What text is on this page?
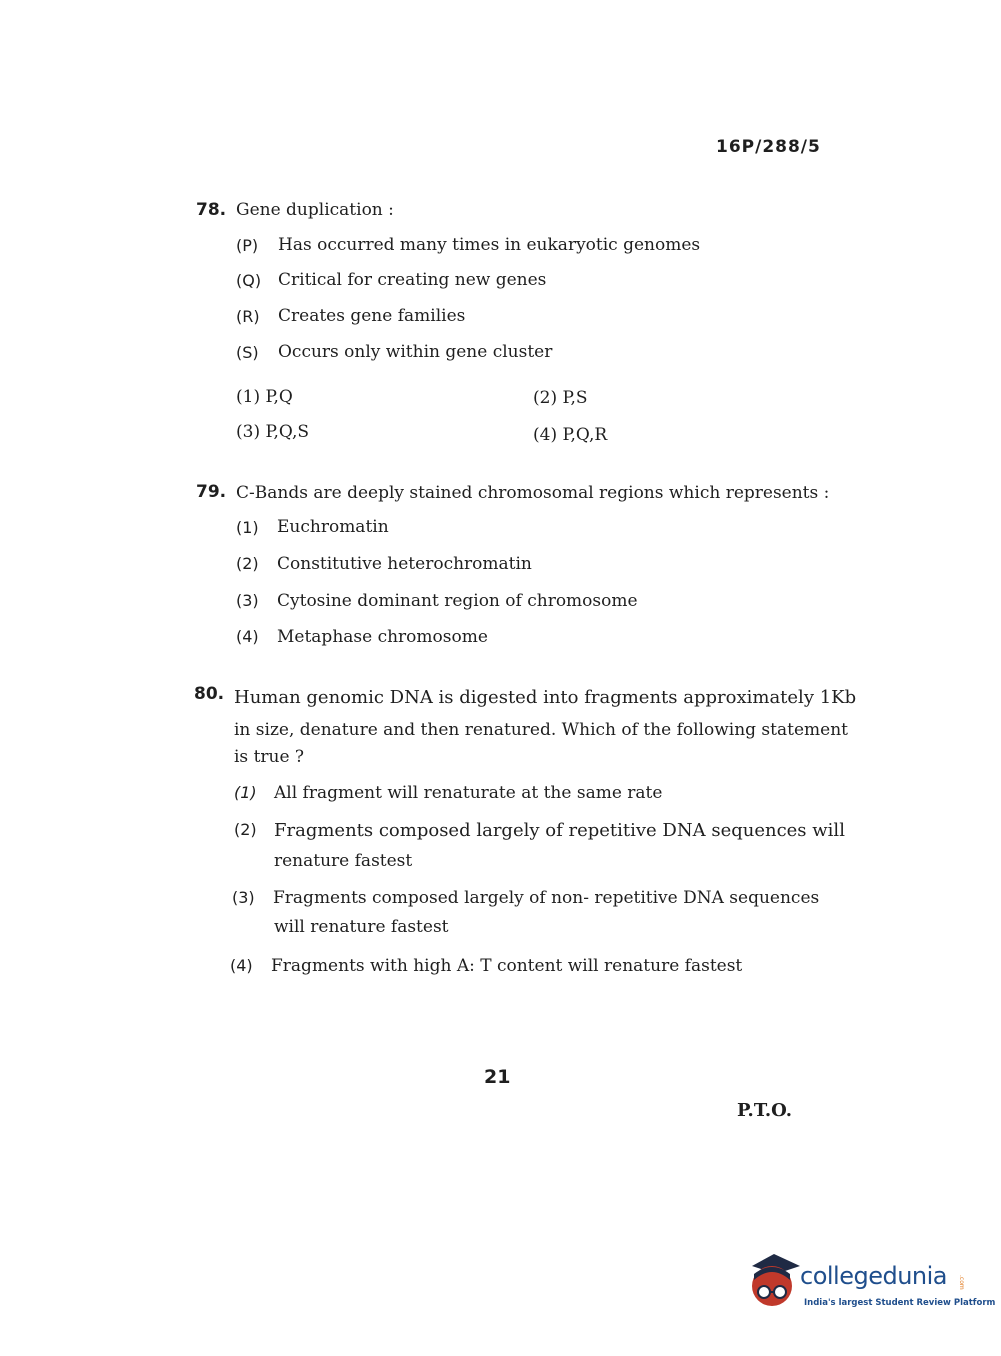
16P/288/5
78. Gene duplication :
(P) Has occurred many times in eukaryotic genomes
(Q) Critical for creating new genes
(R) Creates gene families
(S) Occurs only within gene cluster
(1) P,Q	(2) P,S
(3) P,Q,S	(4) P,Q,R
79. C-Bands are deeply stained chromosomal regions which represents :
(1) Euchromatin
(2) Constitutive heterochromatin
(3) Cytosine dominant region of chromosome
(4) Metaphase chromosome
80. Human genomic DNA is digested into fragments approximately 1Kb
in size, denature and then renatured. Which of the following statement
is true ?
(1) All fragment will renaturate at the same rate
(2) Fragments composed largely of repetitive DNA sequences will
renature fastest
(3) Fragments composed largely of non- repetitive DNA sequences
will renature fastest
(4) Fragments with high A: T content will renature fastest
21
P.T.O.
collegedunia .com
India's largest Student Review Platform
